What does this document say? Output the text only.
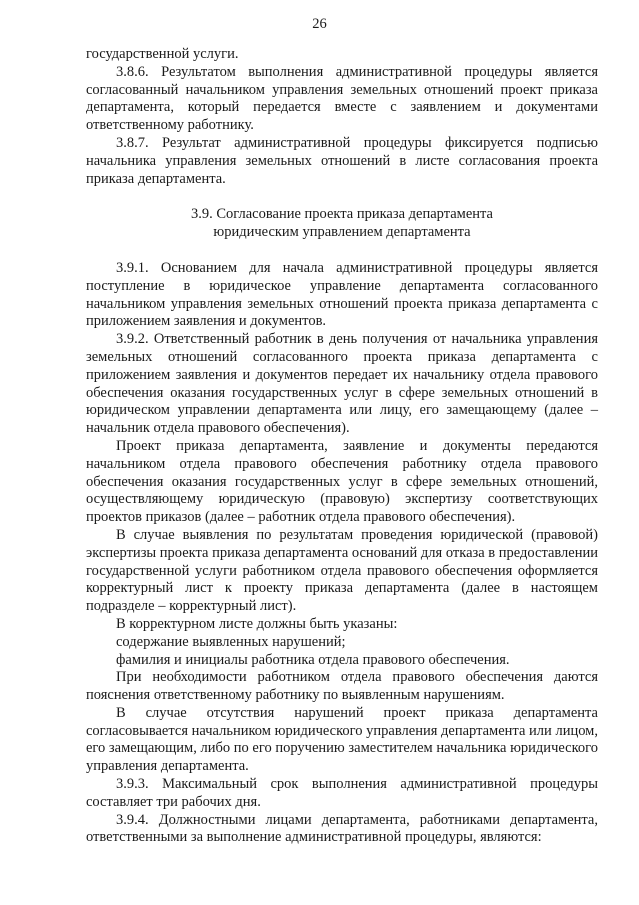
26

государственной услуги.

3.8.6. Результатом выполнения административной процедуры является согласованный начальником управления земельных отношений проект приказа департамента, который передается вместе с заявлением и документами ответственному работнику.

3.8.7. Результат административной процедуры фиксируется подписью начальника управления земельных отношений в листе согласования проекта приказа департамента.

3.9. Согласование проекта приказа департамента
юридическим управлением департамента

3.9.1. Основанием для начала административной процедуры является поступление в юридическое управление департамента согласованного начальником управления земельных отношений проекта приказа департамента с приложением заявления и документов.

3.9.2. Ответственный работник в день получения от начальника управления земельных отношений согласованного проекта приказа департамента с приложением заявления и документов передает их начальнику отдела правового обеспечения оказания государственных услуг в сфере земельных отношений в юридическом управлении департамента или лицу, его замещающему (далее – начальник отдела правового обеспечения).

Проект приказа департамента, заявление и документы передаются начальником отдела правового обеспечения работнику отдела правового обеспечения оказания государственных услуг в сфере земельных отношений, осуществляющему юридическую (правовую) экспертизу соответствующих проектов приказов (далее – работник отдела правового обеспечения).

В случае выявления по результатам проведения юридической (правовой) экспертизы проекта приказа департамента оснований для отказа в предоставлении государственной услуги работником отдела правового обеспечения оформляется корректурный лист к проекту приказа департамента (далее в настоящем подразделе – корректурный лист).

В корректурном листе должны быть указаны:

содержание выявленных нарушений;

фамилия и инициалы работника отдела правового обеспечения.

При необходимости работником отдела правового обеспечения даются пояснения ответственному работнику по выявленным нарушениям.

В случае отсутствия нарушений проект приказа департамента согласовывается начальником юридического управления департамента или лицом, его замещающим, либо по его поручению заместителем начальника юридического управления департамента.

3.9.3. Максимальный срок выполнения административной процедуры составляет три рабочих дня.

3.9.4. Должностными лицами департамента, работниками департамента, ответственными за выполнение административной процедуры, являются:
